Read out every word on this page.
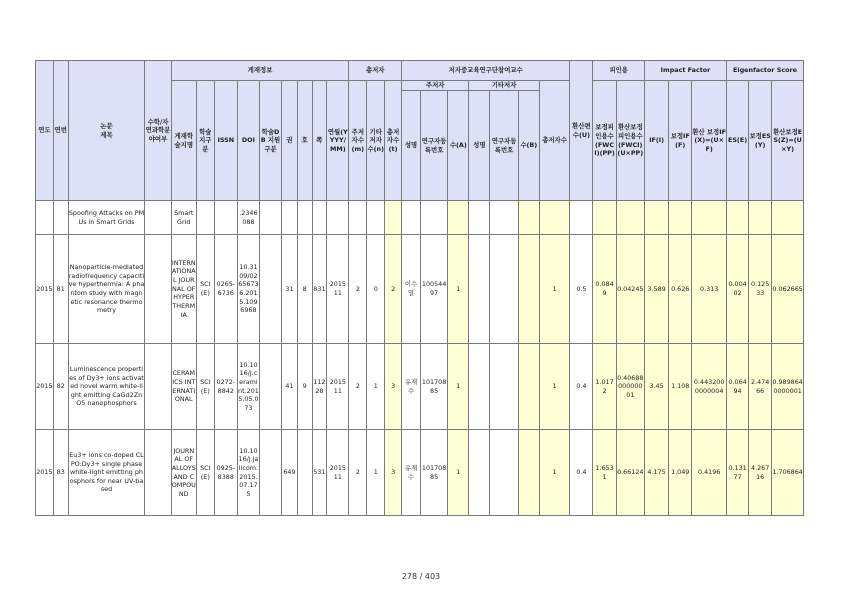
연도	연번	논문
제목	수학/자연과학분야여부	게재정보									총저자			저자중교육연구단참여교수							환산편수(U)	피인용		Impact Factor			Eigenfactor Score		
				게재학술지명	학술지구분	ISSN	DOI	학술DB 지원 구분	권	호	쪽	연월(YYYY/MM)	주저자수(m)	기타저자수(n)	총저자수(t)	주저자			기타저자			총저자수		보정피인용수(FWCI)(PP)	환산보정피인용수(FWCI)(U×PP)	IF(I)	보정IF(F)	환산 보정IF(X)=(U×F)	ES(E)	보정ES(Y)	환산보정ES(Z)=(U×Y)
																성명	연구자등록번호	수(A)	성명	연구자등록번호	수(B)										
		Spoofing Attacks on PMUs in Smart Grids		Smart Grid			.2346088																								
2015	81	Nanoparticle-mediated radiofrequency capacitive hyperthermia: A phantom study with magnetic resonance thermometry		INTERNATIONAL JOURNAL OF HYPERTHERMIA	SCI(E)	0265-6736	10.3109/02656736.2015.1096968		31	8	831	2015 11	2	0	2	이수열	10054497	1				1	0.5	0.0849	0.04245	3.589	0.626	0.313	0.00402	0.12533	0.062665
2015	82	Luminescence properties of Dy3+ ions activated novel warm white-light emitting CaGd2ZnO5 nanophosphors		CERAMICS INTERNATIONAL	SCI(E)	0272-8842	10.1016/j.ceramint.2015.05.073		41	9	11228	2015 11	2	1	3	유재수	10170885	1				1	0.4	1.0172	0.4068800000001	3.45	1.108	0.4432000000004	0.06494	2.47466	0.9898640000001
2015	83	Eu3+ ions co-doped CLPO:Dy3+ single phase white-light emitting phosphors for near UV-based		JOURNAL OF ALLOYS AND COMPOUND	SCI(E)	0925-8388	10.1016/j.jallcom.2015.07.175		649		531	2015 11	2	1	3	유재수	10170885	1				1	0.4	1.6531	0.66124	4.175	1.049	0.4196	0.13177	4.26716	1.706864
278 / 403
